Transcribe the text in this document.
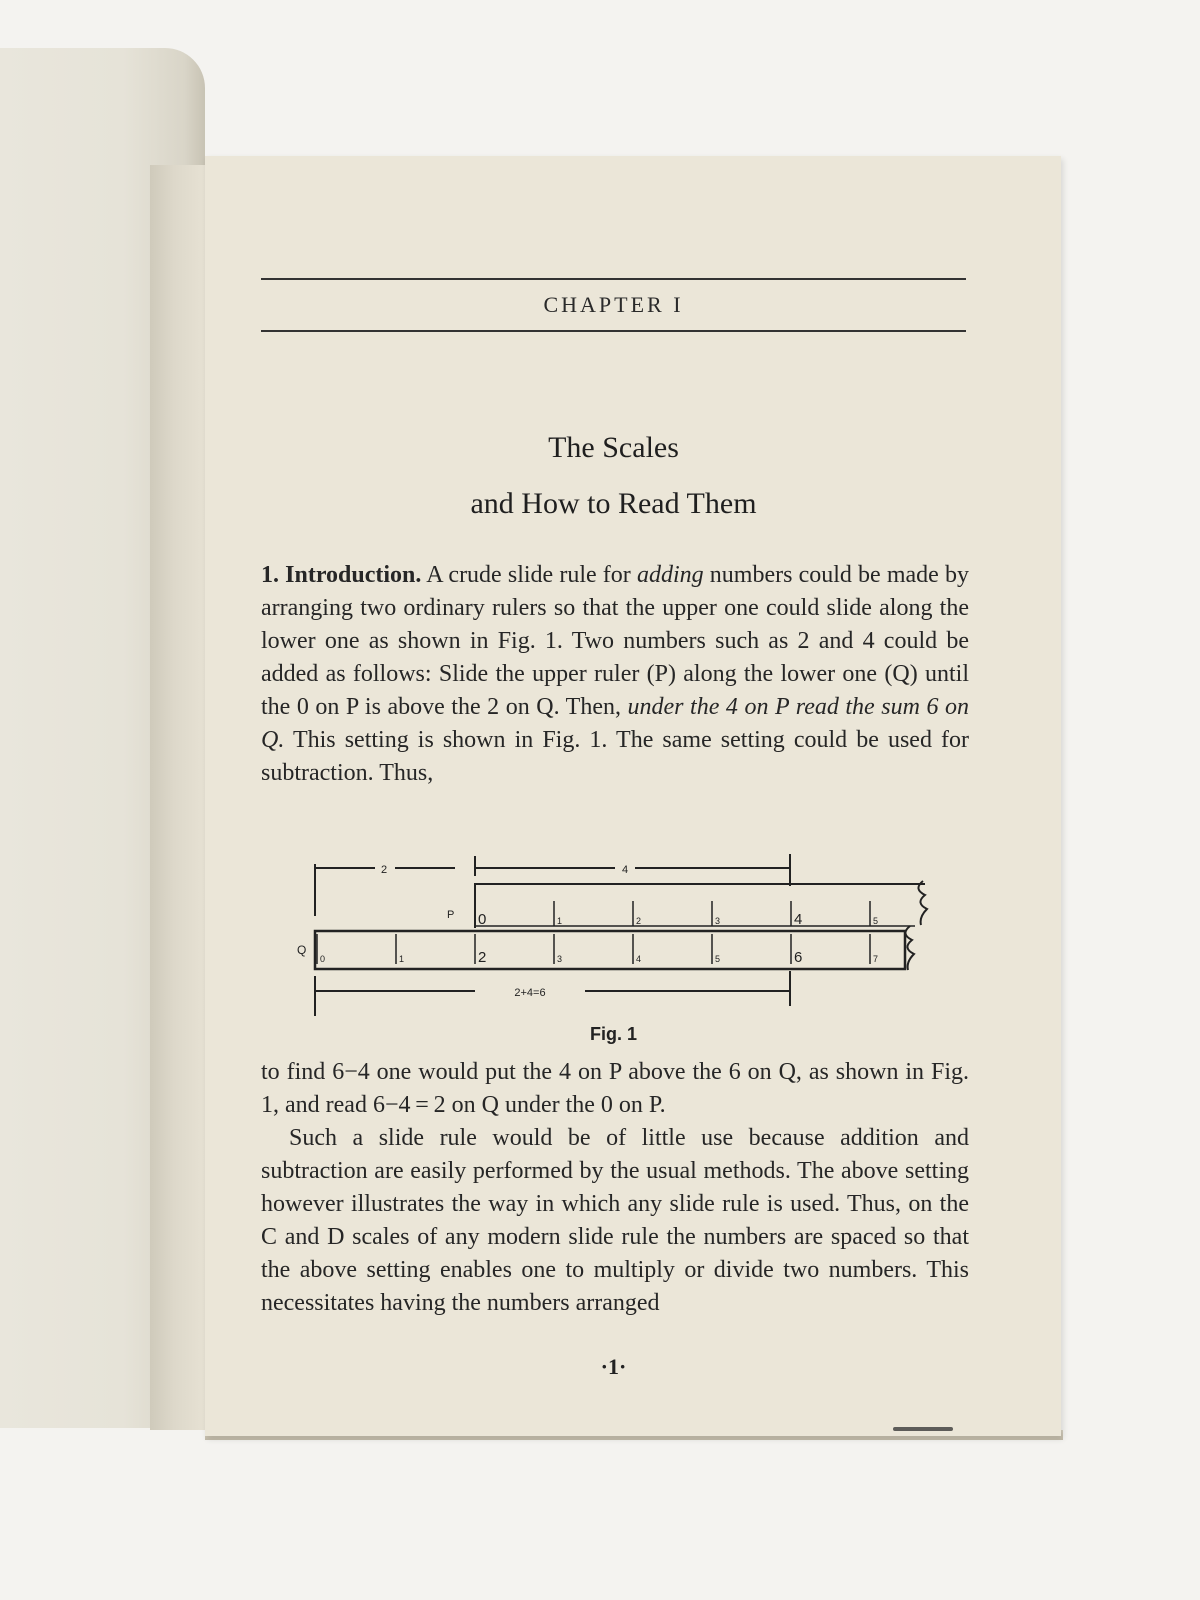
CHAPTER I
The Scales
and How to Read Them

1. Introduction. A crude slide rule for adding numbers could be made by arranging two ordinary rulers so that the upper one could slide along the lower one as shown in Fig. 1. Two numbers such as 2 and 4 could be added as follows: Slide the upper ruler (P) along the lower one (Q) until the 0 on P is above the 2 on Q. Then, under the 4 on P read the sum 6 on Q. This setting is shown in Fig. 1. The same setting could be used for subtraction. Thus,

2	4
P
Q
0	1	2	3	4	5
0	1	2	3	4	5	6	7
2+4=6
Fig. 1

to find 6−4 one would put the 4 on P above the 6 on Q, as shown in Fig. 1, and read 6−4 = 2 on Q under the 0 on P.

Such a slide rule would be of little use because addition and subtraction are easily performed by the usual methods. The above setting however illustrates the way in which any slide rule is used. Thus, on the C and D scales of any modern slide rule the numbers are spaced so that the above setting enables one to multiply or divide two numbers. This necessitates having the numbers arranged

·1·
